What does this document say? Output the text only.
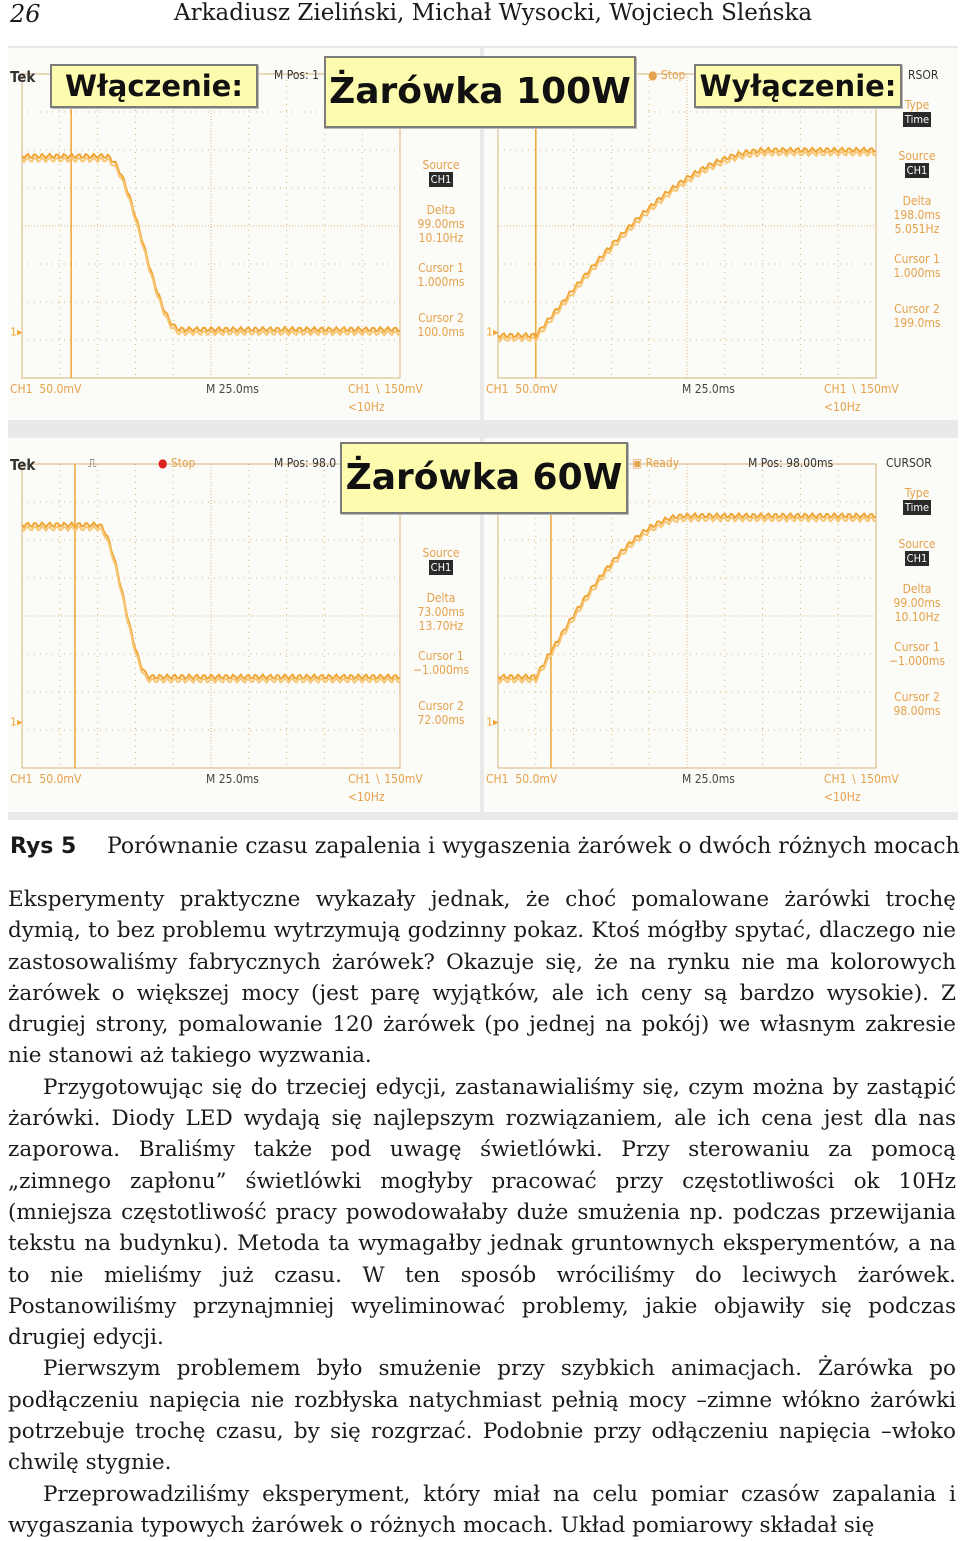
26	Arkadiusz Zieliński, Michał Wysocki, Wojciech Sleńska
1▸
Tek	M Pos: 1
Source
CH1
Delta
99.00ms
10.10Hz
Cursor 1
1.000ms
Cursor 2
100.0ms
CH1 50.0mV	M 25.0ms	CH1 ∖ 150mV
<10Hz
1▸
● Stop	RSOR
Type
Time
Source
CH1
Delta
198.0ms
5.051Hz
Cursor 1
1.000ms
Cursor 2
199.0ms
CH1 50.0mV	M 25.0ms	CH1 ∖ 150mV
<10Hz
1▸
Tek	⎍	● Stop	M Pos: 98.0
Source
CH1
Delta
73.00ms
13.70Hz
Cursor 1
−1.000ms
Cursor 2
72.00ms
CH1 50.0mV	M 25.0ms	CH1 ∖ 150mV
<10Hz
1▸
▣ Ready	M Pos: 98.00ms	CURSOR
Type
Time
Source
CH1
Delta
99.00ms
10.10Hz
Cursor 1
−1.000ms
Cursor 2
98.00ms
CH1 50.0mV	M 25.0ms	CH1 ∖ 150mV
<10Hz
Włączenie:	Żarówka 100W Wyłączenie:
Żarówka 60W
Rys 5 Porównanie czasu zapalenia i wygaszenia żarówek o dwóch różnych mocach

Eksperymenty praktyczne wykazały jednak, że choć pomalowane żarówki trochę dymią, to bez problemu wytrzymują godzinny pokaz. Ktoś mógłby spytać, dlaczego nie zastosowaliśmy fabrycznych żarówek? Okazuje się, że na rynku nie ma kolorowych żarówek o większej mocy (jest parę wyjątków, ale ich ceny są bardzo wysokie). Z drugiej strony, pomalowanie 120 żarówek (po jednej na pokój) we własnym zakresie nie stanowi aż takiego wyzwania.

Przygotowując się do trzeciej edycji, zastanawialiśmy się, czym można by zastąpić żarówki. Diody LED wydają się najlepszym rozwiązaniem, ale ich cena jest dla nas zaporowa. Braliśmy także pod uwagę świetlówki. Przy sterowaniu za pomocą „zimnego zapłonu” świetlówki mogłyby pracować przy częstotliwości ok 10Hz (mniejsza częstotliwość pracy powodowałaby duże smużenia np. podczas przewijania tekstu na budynku). Metoda ta wymagałby jednak gruntownych eksperymentów, a na to nie mieliśmy już czasu. W ten sposób wróciliśmy do leciwych żarówek. Postanowiliśmy przynajmniej wyeliminować problemy, jakie objawiły się podczas drugiej edycji.

Pierwszym problemem było smużenie przy szybkich animacjach. Żarówka po podłączeniu napięcia nie rozbłyska natychmiast pełnią mocy –zimne włókno żarówki potrzebuje trochę czasu, by się rozgrzać. Podobnie przy odłączeniu napięcia –włoko chwilę stygnie.

Przeprowadziliśmy eksperyment, który miał na celu pomiar czasów zapalania i wygaszania typowych żarówek o różnych mocach. Układ pomiarowy składał się
